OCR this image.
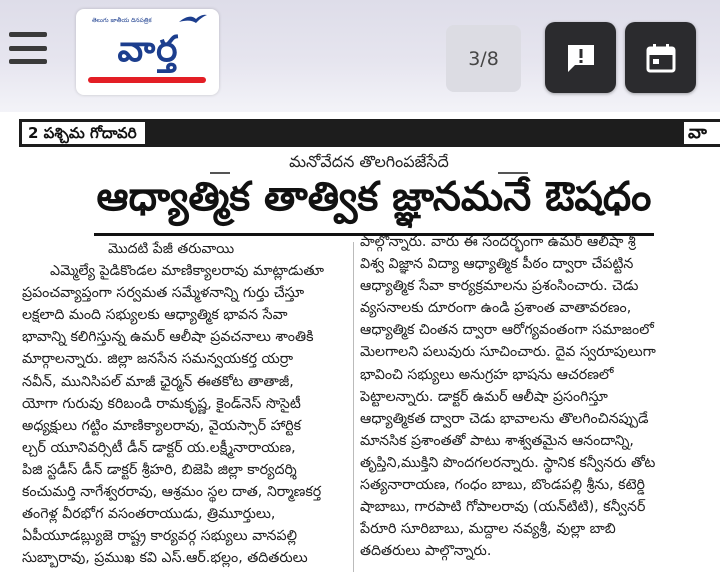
తెలుగు జాతీయ దినపత్రిక
వార్త	3/8
2 పశ్చిమ గోదావరి	వా
మనోవేదన తొలగింపజేసేదే
ఆధ్యాత్మిక తాత్విక జ్ఞానమనే ఔషధం

మొదటి పేజీ తరువాయి

ఎమ్మెల్యే పైడికొండల మాణిక్యాలరావు మాట్లాడుతూ

ప్రపంచవ్యాప్తంగా సర్వమత సమ్మేళనాన్ని గుర్తు చేస్తూ

లక్షలాది మంది సభ్యులకు ఆధ్యాత్మిక భావన సేవా

భావాన్ని కలిగిస్తున్న ఉమర్ ఆలీషా ప్రవచనాలు శాంతికి

మార్గాలన్నారు. జిల్లా జనసేన సమన్వయకర్త యర్రా

నవీన్, మునిసిపల్ మాజీ ఛైర్మన్ ఈతకోట తాతాజీ,

యోగా గురువు కరిబండి రామకృష్ణ, కైండ్‌నెస్ సొసైటీ

అధ్యక్షులు గట్టిం మాణిక్యాలరావు, వైయస్సార్ హార్టిక

ల్చర్ యూనివర్సిటీ డీన్ డాక్టర్ య.లక్ష్మీనారాయణ,

పిజి స్టడీస్ డీన్ డాక్టర్ శ్రీహరి, బిజెపి జిల్లా కార్యదర్శి

కంచుమర్తి నాగేశ్వరరావు, ఆశ్రమం స్థల దాత, నిర్మాణకర్త

తంగెళ్ల వీరభోగ వసంతరాయుడు, త్రిమూర్తులు,

ఏపీయూడబ్ల్యుజె రాష్ట్ర కార్యవర్గ సభ్యులు వానపల్లి

సుబ్బారావు, ప్రముఖ కవి ఎస్.ఆర్.భల్లం, తదితరులు

పాల్గొన్నారు. వారు ఈ సందర్భంగా ఉమర్ ఆలీషా శ్రీ

విశ్వ విజ్ఞాన విద్యా ఆధ్యాత్మిక పీఠం ద్వారా చేపట్టిన

ఆధ్యాత్మిక సేవా కార్యక్రమాలను ప్రశంసించారు. చెడు

వ్యసనాలకు దూరంగా ఉండి ప్రశాంత వాతావరణం,

ఆధ్యాత్మిక చింతన ద్వారా ఆరోగ్యవంతంగా సమాజంలో

మెలగాలని పలువురు సూచించారు. దైవ స్వరూపులుగా

భావించి సభ్యులు అనుగ్రహ భాషను ఆచరణలో

పెట్టాలన్నారు. డాక్టర్ ఉమర్ ఆలీషా ప్రసంగిస్తూ

ఆధ్యాత్మికత ద్వారా చెడు భావాలను తొలగించినప్పుడే

మానసిక ప్రశాంతతో పాటు శాశ్వతమైన ఆనందాన్ని,

తృప్తిని,ముక్తిని పొందగలరన్నారు. స్థానిక కన్వీనరు తోట

సత్యనారాయణ, గంధం బాబు, బొండపల్లి శ్రీను, కటెర్డి

షాబాబు, గారపాటి గోపాలరావు (యన్‌టిటి), కన్వీనర్

పేరూరి సూరిబాబు, మద్దాల నవ్యశ్రీ, వుల్లా బాబి

తదితరులు పాల్గొన్నారు.
